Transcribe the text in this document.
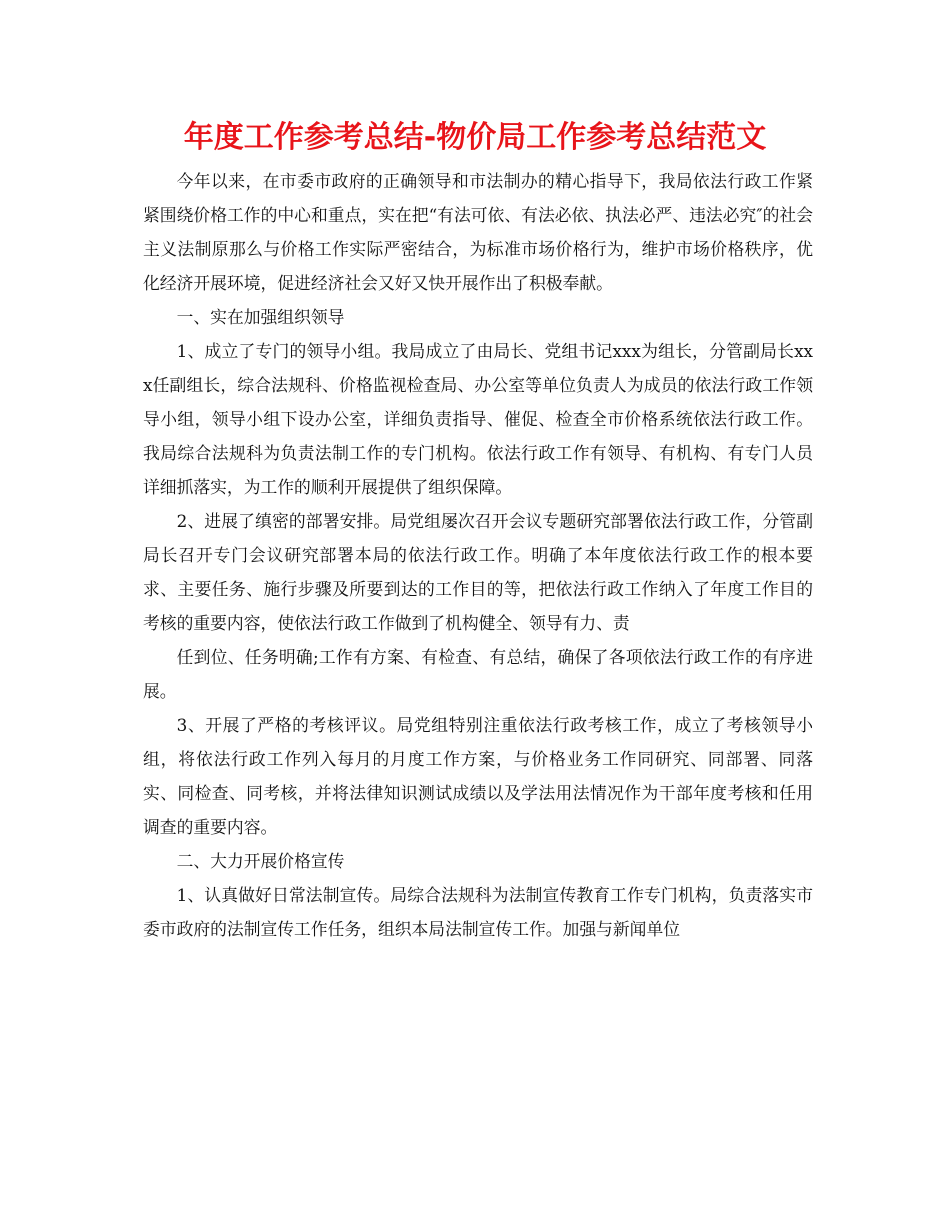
年度工作参考总结-物价局工作参考总结范文

今年以来，在市委市政府的正确领导和市法制办的精心指导下，我局依法行政工作紧紧围绕价格工作的中心和重点，实在把“有法可依、有法必依、执法必严、违法必究″的社会主义法制原那么与价格工作实际严密结合，为标准市场价格行为，维护市场价格秩序，优化经济开展环境，促进经济社会又好又快开展作出了积极奉献。

一、实在加强组织领导

1、成立了专门的领导小组。我局成立了由局长、党组书记xxx为组长，分管副局长xxx任副组长，综合法规科、价格监视检查局、办公室等单位负责人为成员的依法行政工作领导小组，领导小组下设办公室，详细负责指导、催促、检查全市价格系统依法行政工作。我局综合法规科为负责法制工作的专门机构。依法行政工作有领导、有机构、有专门人员详细抓落实，为工作的顺利开展提供了组织保障。

2、进展了缜密的部署安排。局党组屡次召开会议专题研究部署依法行政工作，分管副局长召开专门会议研究部署本局的依法行政工作。明确了本年度依法行政工作的根本要求、主要任务、施行步骤及所要到达的工作目的等，把依法行政工作纳入了年度工作目的考核的重要内容，使依法行政工作做到了机构健全、领导有力、责

任到位、任务明确;工作有方案、有检查、有总结，确保了各项依法行政工作的有序进展。

3、开展了严格的考核评议。局党组特别注重依法行政考核工作，成立了考核领导小组，将依法行政工作列入每月的月度工作方案，与价格业务工作同研究、同部署、同落实、同检查、同考核，并将法律知识测试成绩以及学法用法情况作为干部年度考核和任用调查的重要内容。

二、大力开展价格宣传

1、认真做好日常法制宣传。局综合法规科为法制宣传教育工作专门机构，负责落实市委市政府的法制宣传工作任务，组织本局法制宣传工作。加强与新闻单位
